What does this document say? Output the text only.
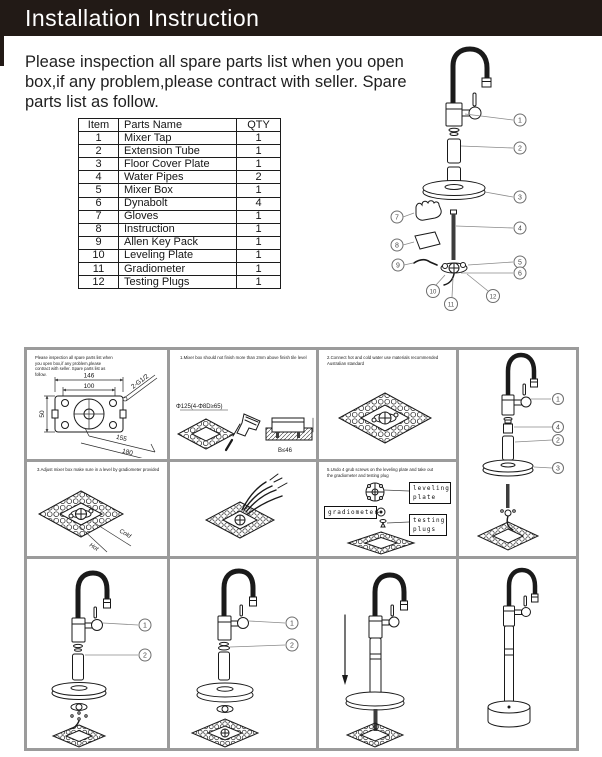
Installation Instruction

Please inspection all spare parts list when you open box,if any problem,please contract with seller. Spare parts list as follow.

Item	Parts Name	QTY
1	Mixer Tap	1
2	Extension Tube	1
3	Floor Cover Plate	1
4	Water Pipes	2
5	Mixer Box	1
6	Dynabolt	4
7	Gloves	1
8	Instruction	1
9	Allen Key Pack	1
10	Leveling Plate	1
11	Gradiometer	1
12	Testing Plugs	1
1
2
3
4
5
6
7
8
9
10
11
12
Please inspection all spare parts list when you open box,if any problem,please contract with seller. Spare parts list as follow.	146
100
50
2-G1/2
155
180
1.Mixer box should not finish more than 2mm above finish tile level
Φ125(4-Φ8D≥65)
B≤46
2.Connect hot and cold water use materials recommended Australian standard
1
4
2
3
3.Adjust mixer box make sure in a level by gradiometer provided
Cold
Hot
5.Undo 4 grub screws on the leveling plate and take out the gradiometer and testing plug
leveling plate
gradiometer
testing plugs
1
2
1
2
